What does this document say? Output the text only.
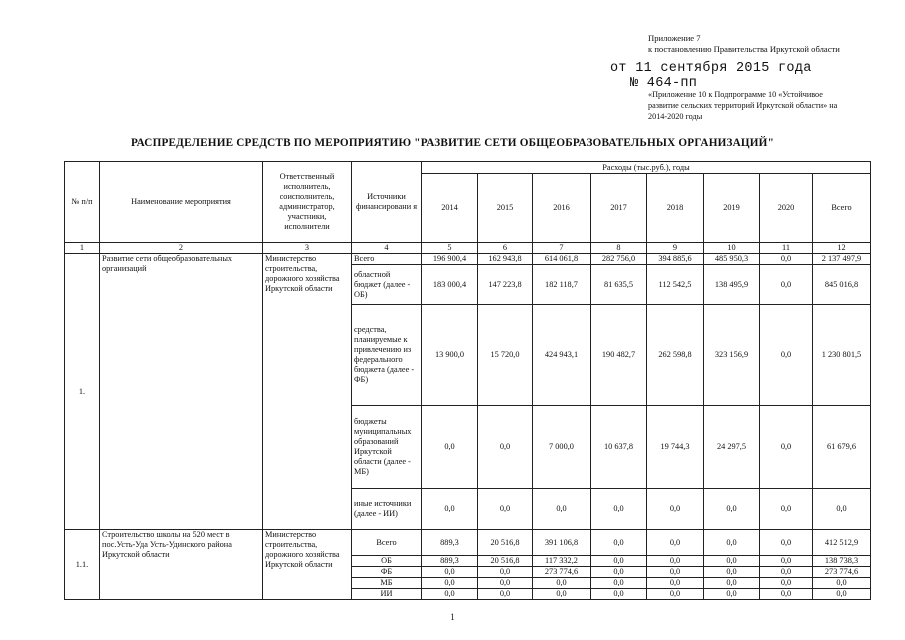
Приложение 7
к постановлению Правительства Иркутской области
от 11 сентября 2015 года
№ 464-пп
«Приложение 10 к Подпрограмме 10 «Устойчивое
развитие сельских территорий Иркутской области» на
2014-2020 годы
РАСПРЕДЕЛЕНИЕ СРЕДСТВ ПО МЕРОПРИЯТИЮ "РАЗВИТИЕ СЕТИ ОБЩЕОБРАЗОВАТЕЛЬНЫХ ОРГАНИЗАЦИЙ"
№ п/п	Наименование мероприятия	Ответственный исполнитель, соисполнитель, администратор, участники, исполнители	Источники финансировани я	Расходы (тыс.руб.), годы							
				2014	2015	2016	2017	2018	2019	2020	Всего
1	2	3	4	5	6	7	8	9	10	11	12
1.	Развитие сети общеобразовательных организаций	Министерство строительства, дорожного хозяйства Иркутской области	Всего	196 900,4	162 943,8	614 061,8	282 756,0	394 885,6	485 950,3	0,0	2 137 497,9
			областной бюджет (далее - ОБ)	183 000,4	147 223,8	182 118,7	81 635,5	112 542,5	138 495,9	0,0	845 016,8
			средства, планируемые к привлечению из федерального бюджета (далее - ФБ)	13 900,0	15 720,0	424 943,1	190 482,7	262 598,8	323 156,9	0,0	1 230 801,5
			бюджеты муниципальных образований Иркутской области (далее - МБ)	0,0	0,0	7 000,0	10 637,8	19 744,3	24 297,5	0,0	61 679,6
			иные источники (далее - ИИ)	0,0	0,0	0,0	0,0	0,0	0,0	0,0	0,0
1.1.	Строительство школы на 520 мест в пос.Усть-Уда Усть-Удинского района Иркутской области	Министерство строительства, дорожного хозяйства Иркутской области	Всего	889,3	20 516,8	391 106,8	0,0	0,0	0,0	0,0	412 512,9
			ОБ	889,3	20 516,8	117 332,2	0,0	0,0	0,0	0,0	138 738,3
			ФБ	0,0	0,0	273 774,6	0,0	0,0	0,0	0,0	273 774,6
			МБ	0,0	0,0	0,0	0,0	0,0	0,0	0,0	0,0
			ИИ	0,0	0,0	0,0	0,0	0,0	0,0	0,0	0,0
1
